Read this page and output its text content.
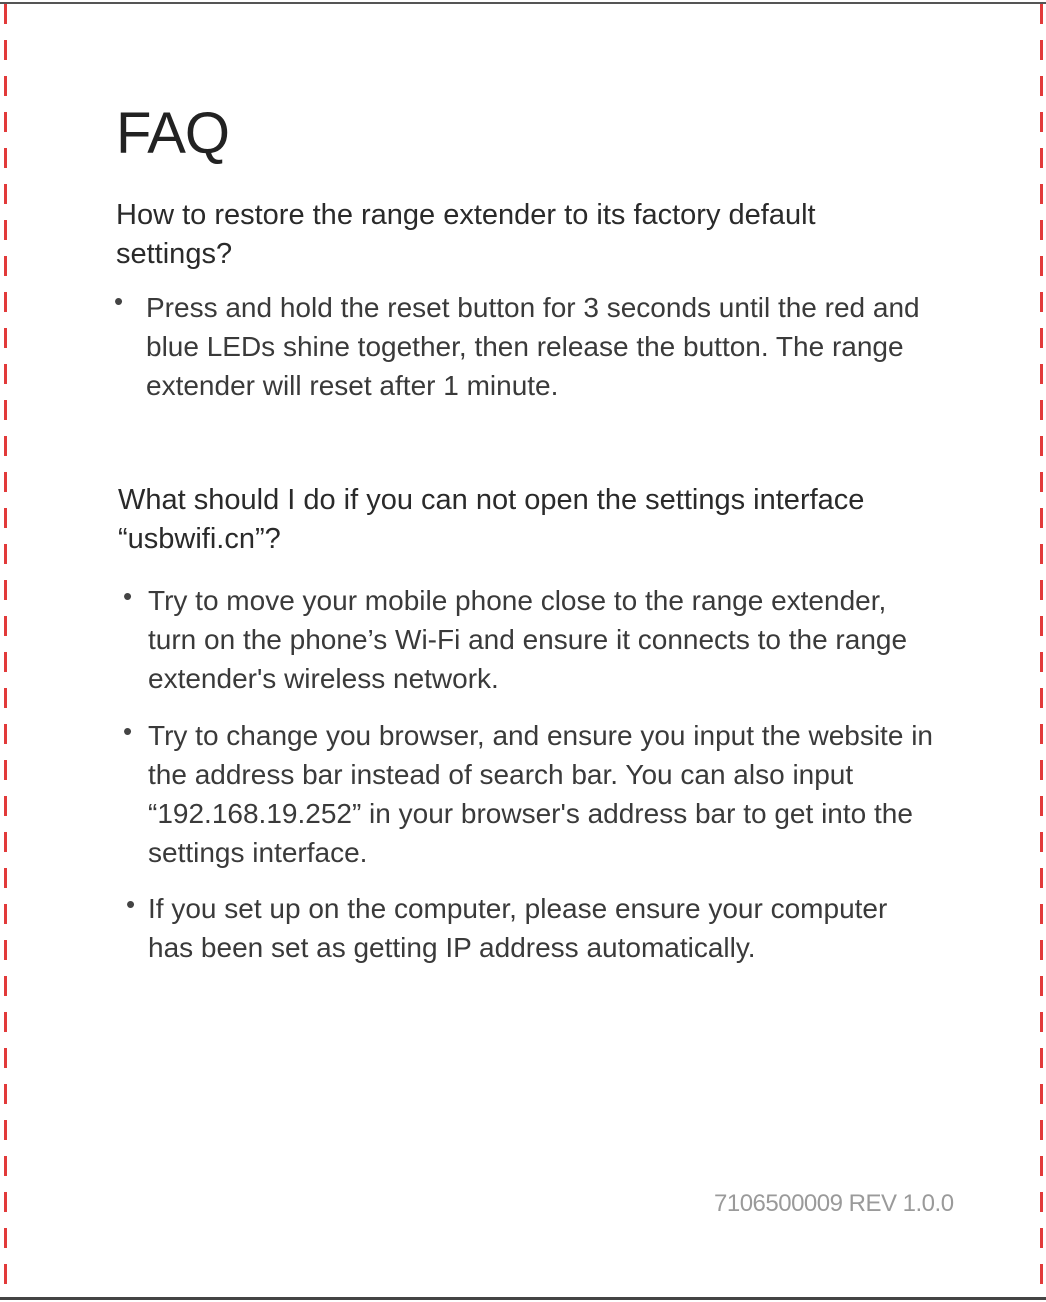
FAQ

How to restore the range extender to its factory default settings?

• Press and hold the reset button for 3 seconds until the red and blue LEDs shine together, then release the button. The range extender will reset after 1 minute.

What should I do if you can not open the settings interface “usbwifi.cn”?

• Try to move your mobile phone close to the range extender, turn on the phone’s Wi-Fi and ensure it connects to the range extender's wireless network.

• Try to change you browser, and ensure you input the website in the address bar instead of search bar. You can also input “192.168.19.252” in your browser's address bar to get into the settings interface.

• If you set up on the computer, please ensure your computer has been set as getting IP address automatically.

7106500009 REV 1.0.0
